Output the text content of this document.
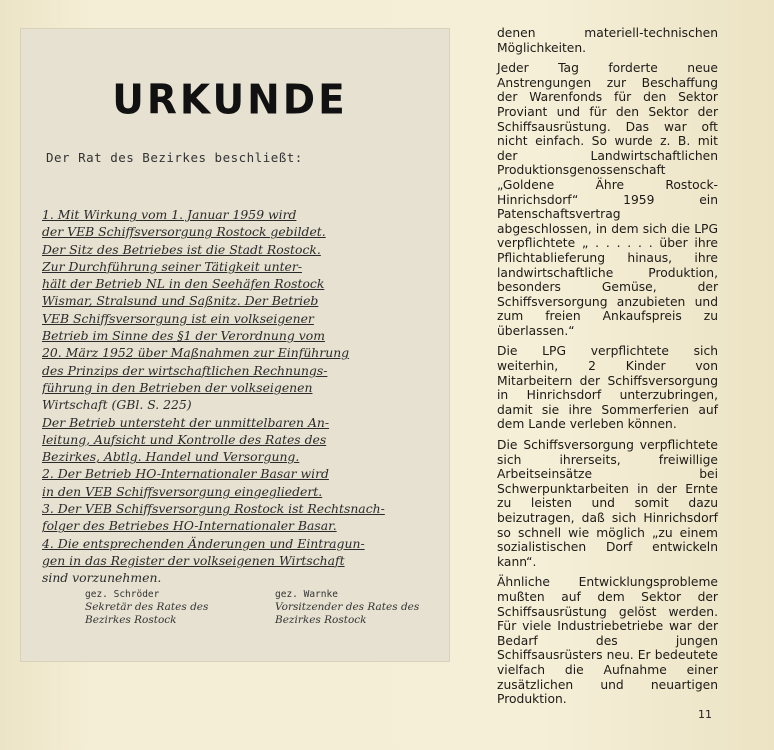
URKUNDE
Der Rat des Bezirkes beschließt:
1. Mit Wirkung vom 1. Januar 1959 wird
der VEB Schiffsversorgung Rostock gebildet.
Der Sitz des Betriebes ist die Stadt Rostock.
Zur Durchführung seiner Tätigkeit unter-
hält der Betrieb NL in den Seehäfen Rostock
Wismar, Stralsund und Saßnitz. Der Betrieb
VEB Schiffsversorgung ist ein volkseigener
Betrieb im Sinne des §1 der Verordnung vom
20. März 1952 über Maßnahmen zur Einführung
des Prinzips der wirtschaftlichen Rechnungs-
führung in den Betrieben der volkseigenen
Wirtschaft (GBl. S. 225)
Der Betrieb untersteht der unmittelbaren An-
leitung, Aufsicht und Kontrolle des Rates des
Bezirkes, Abtlg. Handel und Versorgung.
2. Der Betrieb HO-Internationaler Basar wird
in den VEB Schiffsversorgung eingegliedert.
3. Der VEB Schiffsversorgung Rostock ist Rechtsnach-
folger des Betriebes HO-Internationaler Basar.
4. Die entsprechenden Änderungen und Eintragun-
gen in das Register der volkseigenen Wirtschaft
sind vorzunehmen.
gez. Schröder
Sekretär des Rates des
Bezirkes Rostock
gez. Warnke
Vorsitzender des Rates des
Bezirkes Rostock

denen materiell-technischen Möglichkeiten.

Jeder Tag forderte neue Anstrengungen zur Beschaffung der Warenfonds für den Sektor Proviant und für den Sektor der Schiffsausrüstung. Das war oft nicht einfach. So wurde z. B. mit der Landwirtschaftlichen Produktionsgenossenschaft „Goldene Ähre Rostock-Hinrichsdorf“ 1959 ein Patenschaftsvertrag abgeschlossen, in dem sich die LPG verpflichtete „ . . . . . . über ihre Pflichtablieferung hinaus, ihre landwirtschaftliche Produktion, besonders Gemüse, der Schiffsversorgung anzubieten und zum freien Ankaufspreis zu überlassen.“

Die LPG verpflichtete sich weiterhin, 2 Kinder von Mitarbeitern der Schiffsversorgung in Hinrichsdorf unterzubringen, damit sie ihre Sommerferien auf dem Lande verleben können.

Die Schiffsversorgung verpflichtete sich ihrerseits, freiwillige Arbeitseinsätze bei Schwerpunktarbeiten in der Ernte zu leisten und somit dazu beizutragen, daß sich Hinrichsdorf so schnell wie möglich „zu einem sozialistischen Dorf entwickeln kann“.

Ähnliche Entwicklungsprobleme mußten auf dem Sektor der Schiffsausrüstung gelöst werden. Für viele Industriebetriebe war der Bedarf des jungen Schiffsausrüsters neu. Er bedeutete vielfach die Aufnahme einer zusätzlichen und neuartigen Produktion.

11
